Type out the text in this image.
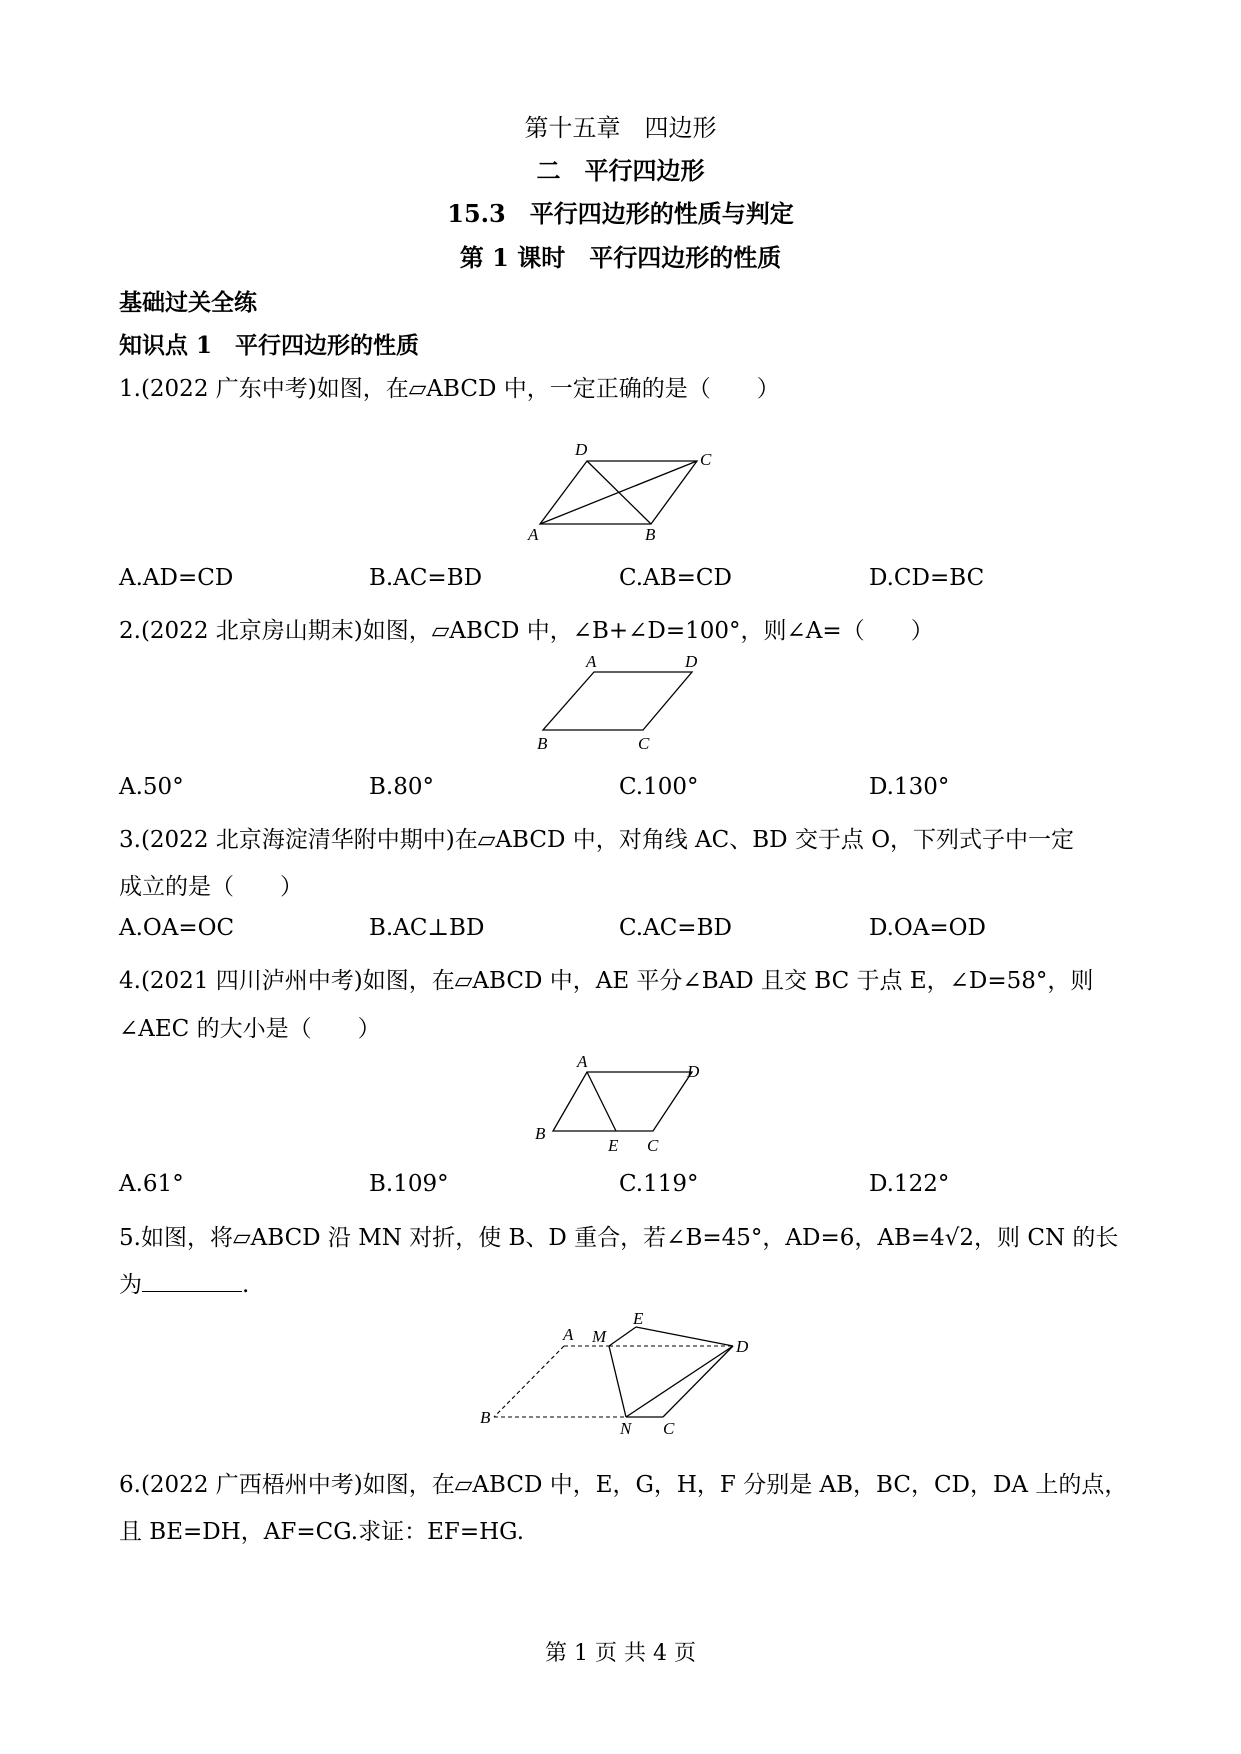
第十五章　四边形
二　平行四边形
15.3　平行四边形的性质与判定
第 1 课时　平行四边形的性质
基础过关全练
知识点 1　平行四边形的性质
1.(2022 广东中考)如图，在▱ABCD 中，一定正确的是（　　）
D
C
A	B
A.AD=CD	B.AC=BD	C.AB=CD	D.CD=BC
2.(2022 北京房山期末)如图，▱ABCD 中，∠B+∠D=100°，则∠A=（　　）
A	D
B	C
A.50°	B.80°	C.100°	D.130°
3.(2022 北京海淀清华附中期中)在▱ABCD 中，对角线 AC、BD 交于点 O，下列式子中一定
成立的是（　　）
A.OA=OC	B.AC⊥BD	C.AC=BD	D.OA=OD
4.(2021 四川泸州中考)如图，在▱ABCD 中，AE 平分∠BAD 且交 BC 于点 E，∠D=58°，则
∠AEC 的大小是（　　）
A
D
B
E C
A.61°	B.109°	C.119°	D.122°
5.如图，将▱ABCD 沿 MN 对折，使 B、D 重合，若∠B=45°，AD=6，AB=4√2，则 CN 的长
为	.
A M
E
D
B
N C
6.(2022 广西梧州中考)如图，在▱ABCD 中，E，G，H，F 分别是 AB，BC，CD，DA 上的点，
且 BE=DH，AF=CG.求证：EF=HG.
第 1 页 共 4 页
